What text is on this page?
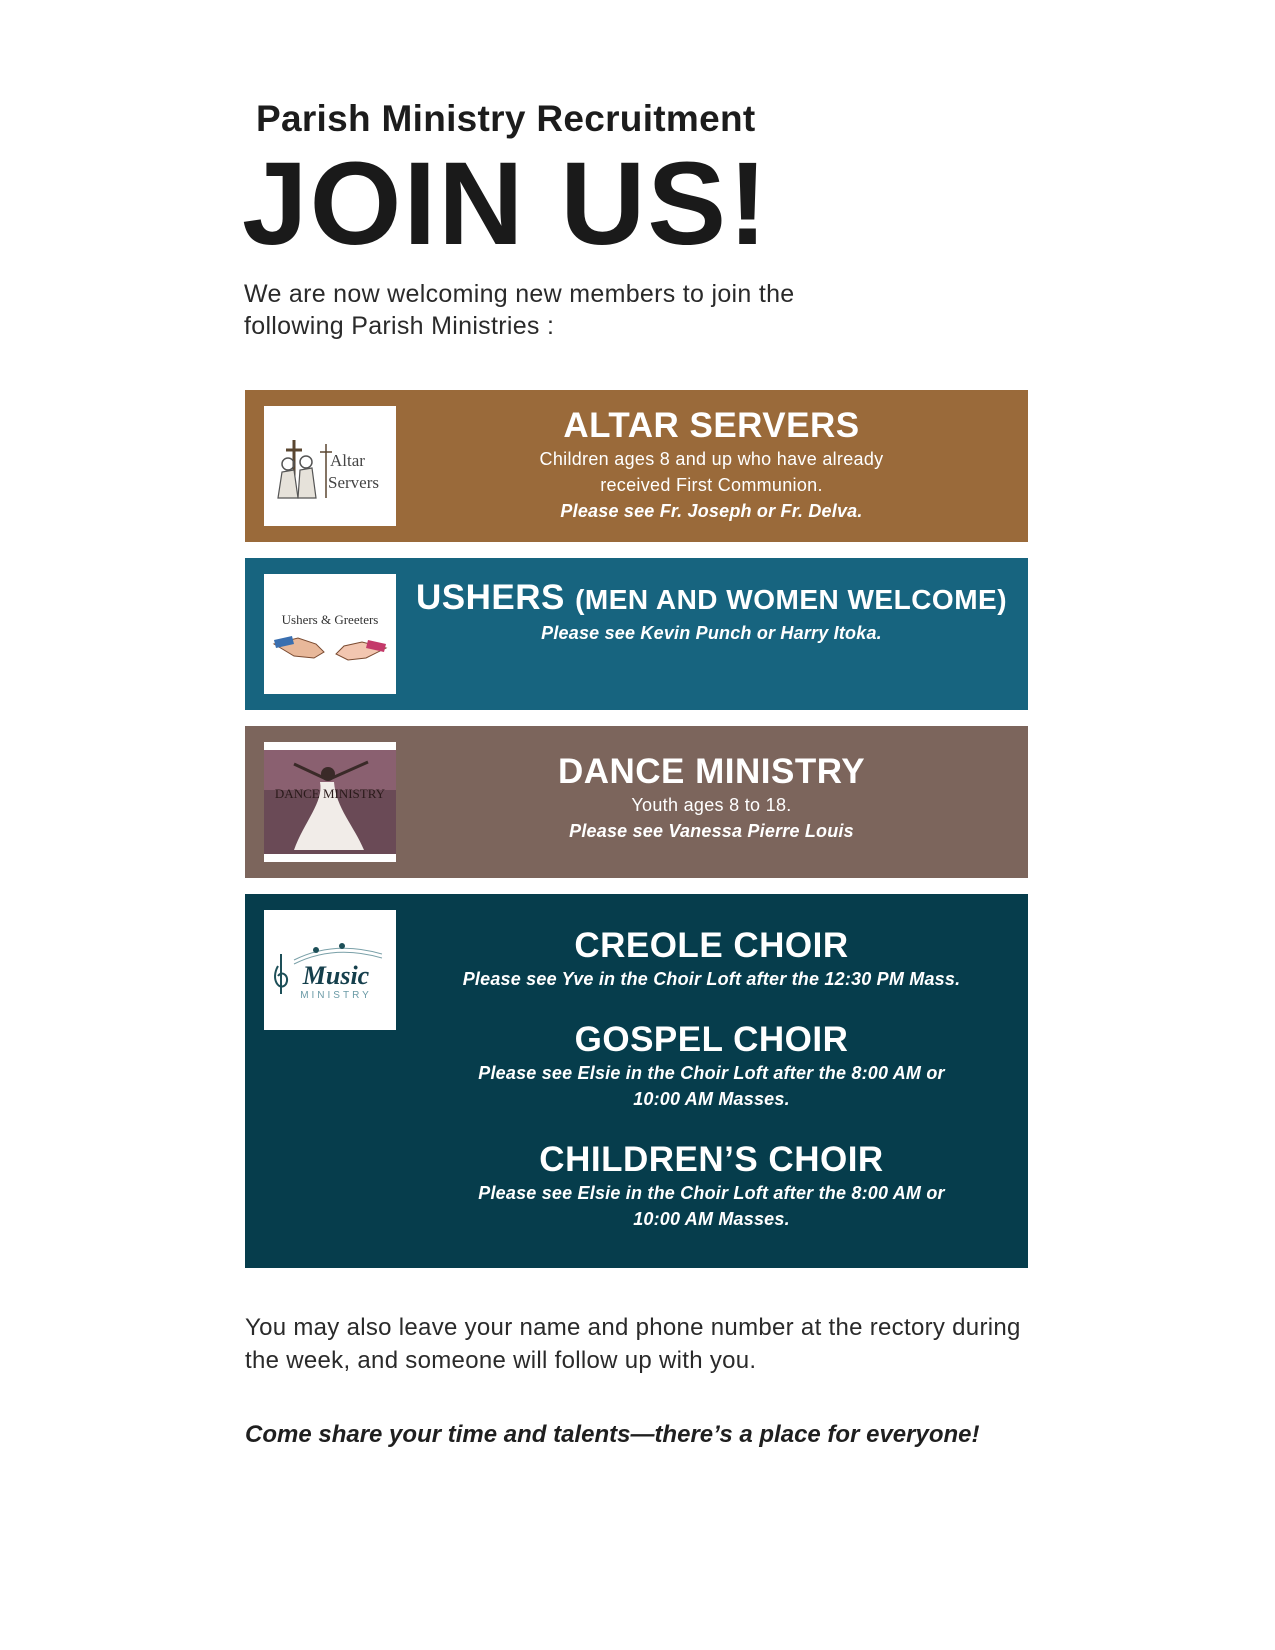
Parish Ministry Recruitment
JOIN US!
We are now welcoming new members to join the following Parish Ministries :
Altar
Servers
ALTAR SERVERS
Children ages 8 and up who have already
received First Communion.
Please see Fr. Joseph or Fr. Delva.
Ushers & Greeters
USHERS (MEN AND WOMEN WELCOME)
Please see Kevin Punch or Harry Itoka.
DANCE MINISTRY
DANCE MINISTRY
Youth ages 8 to 18.
Please see Vanessa Pierre Louis
Music
MINISTRY
CREOLE CHOIR
Please see Yve in the Choir Loft after the 12:30 PM Mass.
GOSPEL CHOIR
Please see Elsie in the Choir Loft after the 8:00 AM or
10:00 AM Masses.
CHILDREN’S CHOIR
Please see Elsie in the Choir Loft after the 8:00 AM or
10:00 AM Masses.
You may also leave your name and phone number at the rectory during the week, and someone will follow up with you.
Come share your time and talents—there’s a place for everyone!
